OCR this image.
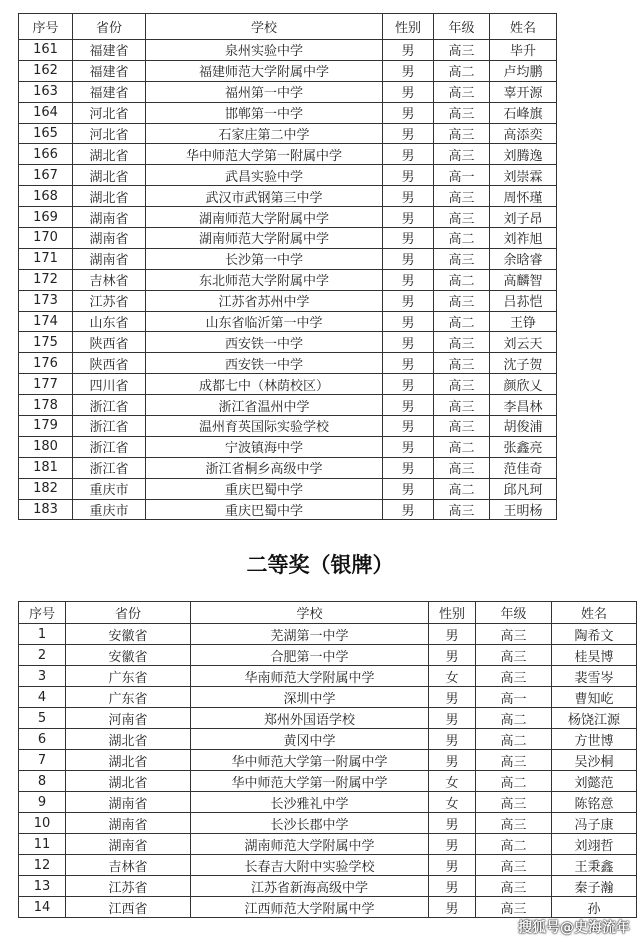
序号	省份	学校	性别	年级	姓名
161	福建省	泉州实验中学	男	高三	毕升
162	福建省	福建师范大学附属中学	男	高二	卢均鹏
163	福建省	福州第一中学	男	高三	辜开源
164	河北省	邯郸第一中学	男	高三	石峰旗
165	河北省	石家庄第二中学	男	高三	高添奕
166	湖北省	华中师范大学第一附属中学	男	高三	刘腾逸
167	湖北省	武昌实验中学	男	高一	刘崇霖
168	湖北省	武汉市武钢第三中学	男	高三	周怀瑾
169	湖南省	湖南师范大学附属中学	男	高三	刘子昂
170	湖南省	湖南师范大学附属中学	男	高二	刘祚旭
171	湖南省	长沙第一中学	男	高三	余晗睿
172	吉林省	东北师范大学附属中学	男	高二	高麟智
173	江苏省	江苏省苏州中学	男	高三	吕荪恺
174	山东省	山东省临沂第一中学	男	高二	王铮
175	陕西省	西安铁一中学	男	高三	刘云天
176	陕西省	西安铁一中学	男	高三	沈子贺
177	四川省	成都七中（林荫校区）	男	高三	颜欣乂
178	浙江省	浙江省温州中学	男	高三	李昌林
179	浙江省	温州育英国际实验学校	男	高三	胡俊浦
180	浙江省	宁波镇海中学	男	高二	张鑫亮
181	浙江省	浙江省桐乡高级中学	男	高三	范佳奇
182	重庆市	重庆巴蜀中学	男	高二	邱凡珂
183	重庆市	重庆巴蜀中学	男	高三	王明杨
二等奖（银牌）
序号	省份	学校	性别	年级	姓名
1	安徽省	芜湖第一中学	男	高三	陶希文
2	安徽省	合肥第一中学	男	高三	桂昊博
3	广东省	华南师范大学附属中学	女	高三	裴雪岑
4	广东省	深圳中学	男	高一	曹知屹
5	河南省	郑州外国语学校	男	高二	杨饶江源
6	湖北省	黄冈中学	男	高二	方世博
7	湖北省	华中师范大学第一附属中学	男	高三	吴沙桐
8	湖北省	华中师范大学第一附属中学	女	高二	刘懿范
9	湖南省	长沙雅礼中学	女	高三	陈铭意
10	湖南省	长沙长郡中学	男	高三	冯子康
11	湖南省	湖南师范大学附属中学	男	高二	刘翊哲
12	吉林省	长春吉大附中实验学校	男	高三	王秉鑫
13	江苏省	江苏省新海高级中学	男	高三	秦子瀚
14	江西省	江西师范大学附属中学	男	高三	孙
搜狐号@史海流年
